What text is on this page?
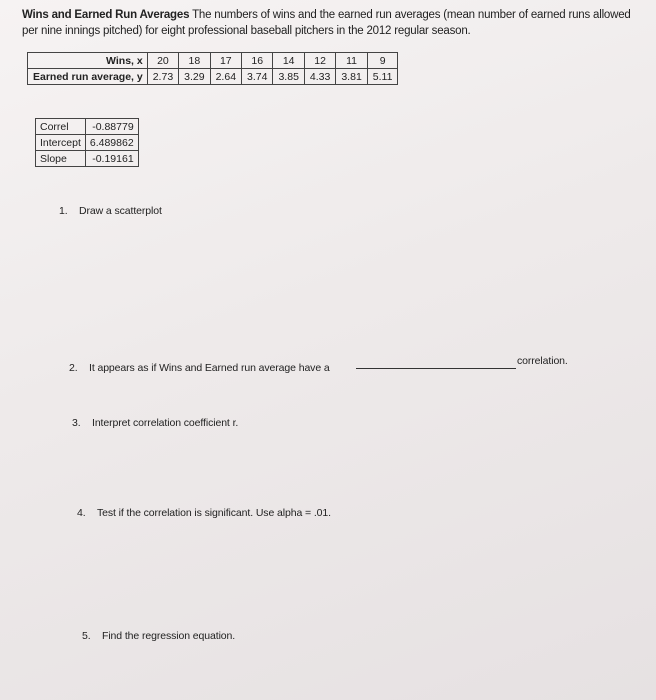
Wins and Earned Run Averages The numbers of wins and the earned run averages (mean number of earned runs allowed per nine innings pitched) for eight professional baseball pitchers in the 2012 regular season.
Wins, x	20	18	17	16	14	12	11	9
Earned run average, y	2.73	3.29	2.64	3.74	3.85	4.33	3.81	5.11
Correl	-0.88779
Intercept	6.489862
Slope	-0.19161
1. Draw a scatterplot
2. It appears as if Wins and Earned run average have a
correlation.
3. Interpret correlation coefficient r.
4. Test if the correlation is significant. Use alpha = .01.
5. Find the regression equation.
